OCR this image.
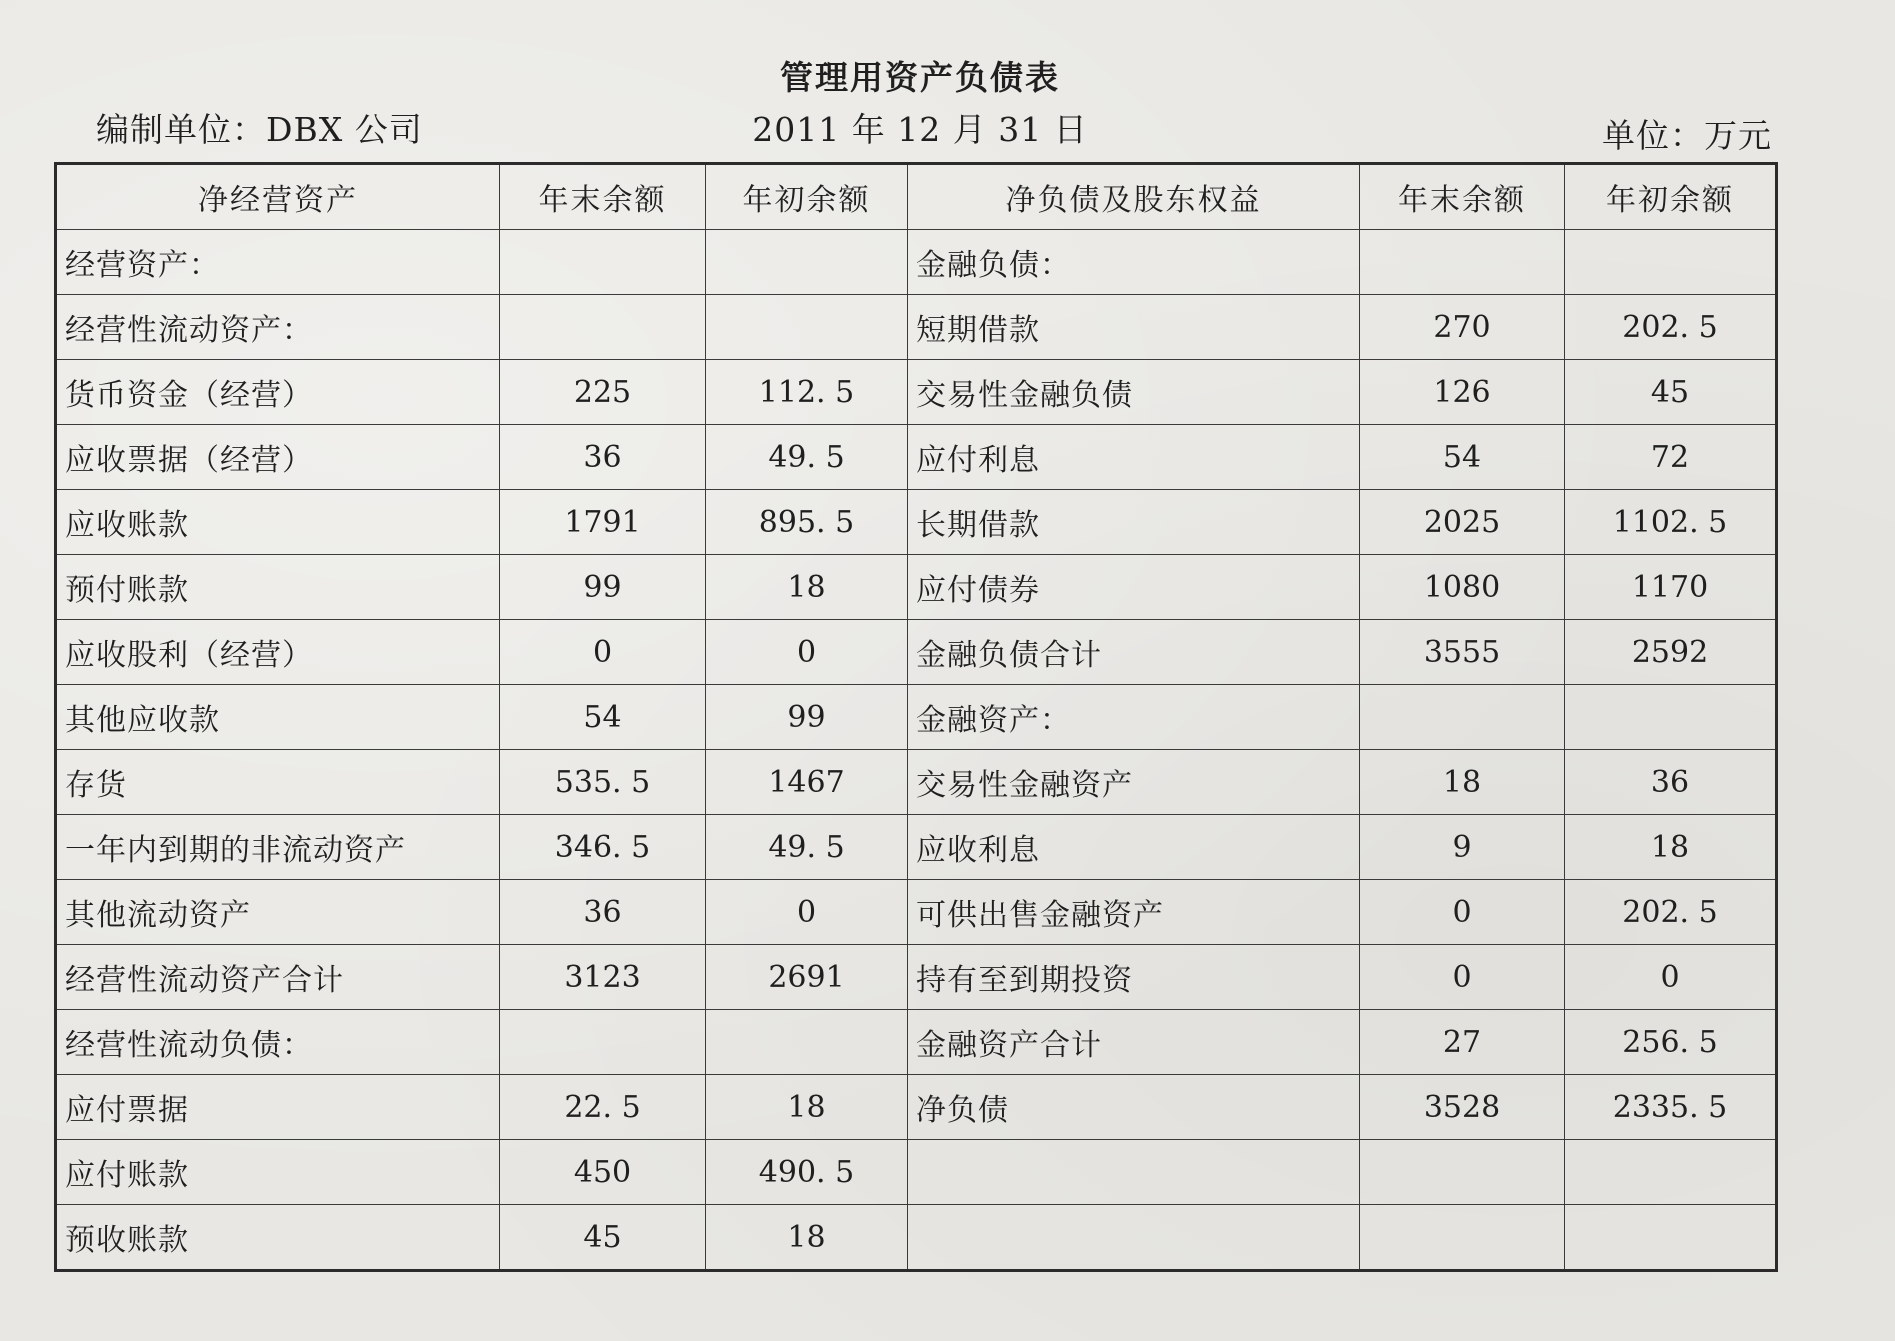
管理用资产负债表
编制单位：DBX 公司	2011 年 12 月 31 日	单位：万元
净经营资产	年末余额	年初余额	净负债及股东权益	年末余额	年初余额
经营资产：			金融负债：		
经营性流动资产：			短期借款	270	202. 5
货币资金（经营）	225	112. 5	交易性金融负债	126	45
应收票据（经营）	36	49. 5	应付利息	54	72
应收账款	1791	895. 5	长期借款	2025	1102. 5
预付账款	99	18	应付债券	1080	1170
应收股利（经营）	0	0	金融负债合计	3555	2592
其他应收款	54	99	金融资产：		
存货	535. 5	1467	交易性金融资产	18	36
一年内到期的非流动资产	346. 5	49. 5	应收利息	9	18
其他流动资产	36	0	可供出售金融资产	0	202. 5
经营性流动资产合计	3123	2691	持有至到期投资	0	0
经营性流动负债：			金融资产合计	27	256. 5
应付票据	22. 5	18	净负债	3528	2335. 5
应付账款	450	490. 5			
预收账款	45	18			
